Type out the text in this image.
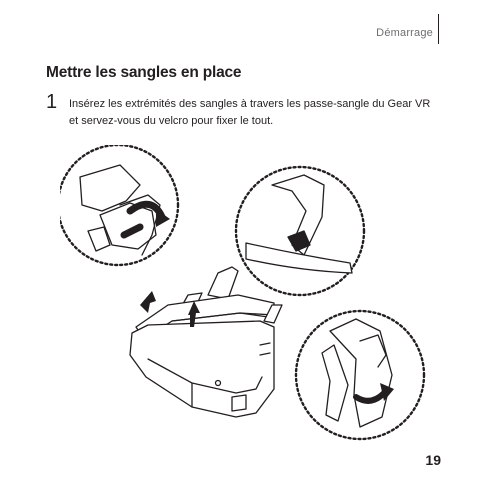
Démarrage
Mettre les sangles en place
1 Insérez les extrémités des sangles à travers les passe-sangle du Gear VR et servez-vous du velcro pour fixer le tout.

19
